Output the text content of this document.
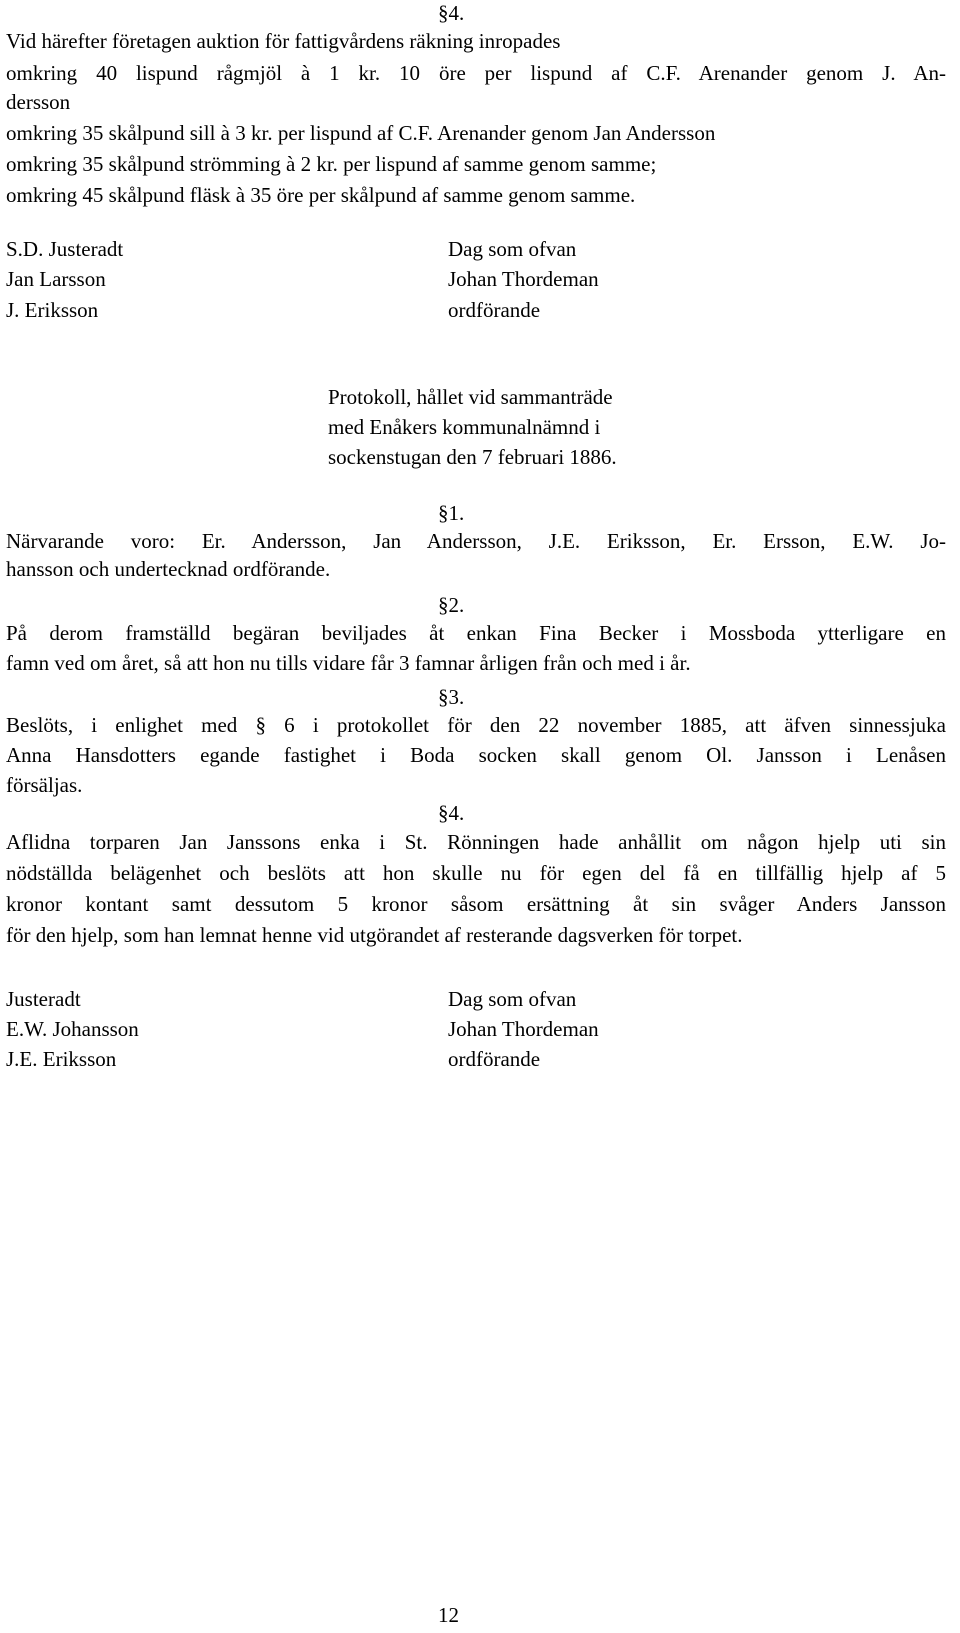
§4.
Vid härefter företagen auktion för fattigvårdens räkning inropades
omkring 40 lispund rågmjöl à 1 kr. 10 öre per lispund af C.F. Arenander genom J. An-
dersson
omkring 35 skålpund sill à 3 kr. per lispund af C.F. Arenander genom Jan Andersson
omkring 35 skålpund strömming à 2 kr. per lispund af samme genom samme;
omkring 45 skålpund fläsk à 35 öre per skålpund af samme genom samme.
S.D. Justeradt
Jan Larsson
J. Eriksson
Dag som ofvan
Johan Thordeman
ordförande
Protokoll, hållet vid sammanträde
med Enåkers kommunalnämnd i
sockenstugan den 7 februari 1886.
§1.
Närvarande voro: Er. Andersson, Jan Andersson, J.E. Eriksson, Er. Ersson, E.W. Jo-
hansson och undertecknad ordförande.
§2.
På derom framställd begäran beviljades åt enkan Fina Becker i Mossboda ytterligare en
famn ved om året, så att hon nu tills vidare får 3 famnar årligen från och med i år.
§3.
Beslöts, i enlighet med § 6 i protokollet för den 22 november 1885, att äfven sinnessjuka
Anna Hansdotters egande fastighet i Boda socken skall genom Ol. Jansson i Lenåsen
försäljas.
§4.
Aflidna torparen Jan Janssons enka i St. Rönningen hade anhållit om någon hjelp uti sin
nödställda belägenhet och beslöts att hon skulle nu för egen del få en tillfällig hjelp af 5
kronor kontant samt dessutom 5 kronor såsom ersättning åt sin svåger Anders Jansson
för den hjelp, som han lemnat henne vid utgörandet af resterande dagsverken för torpet.
Justeradt
E.W. Johansson
J.E. Eriksson
Dag som ofvan
Johan Thordeman
ordförande
12
